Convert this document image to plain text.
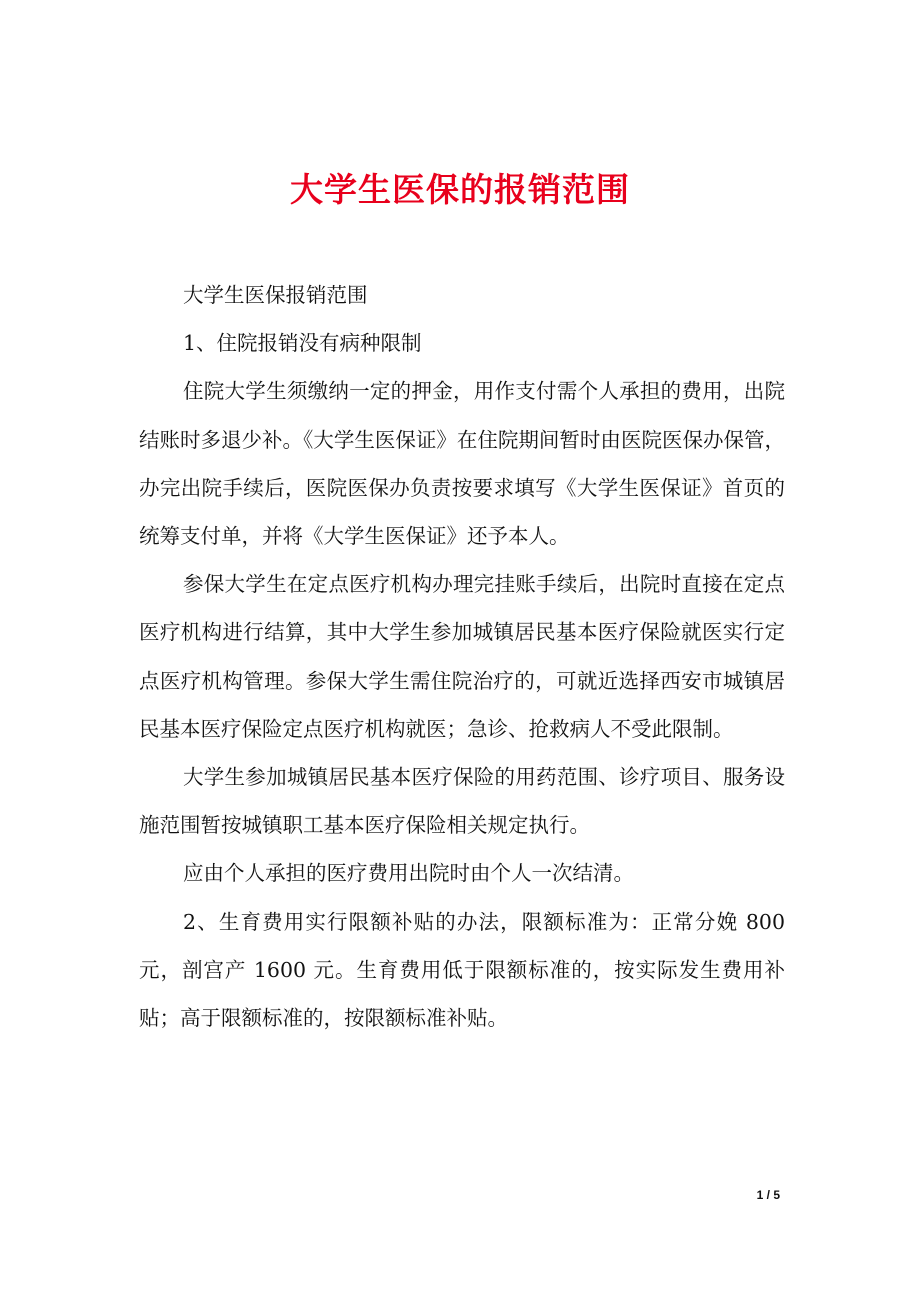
大学生医保的报销范围

大学生医保报销范围

1、住院报销没有病种限制

住院大学生须缴纳一定的押金，用作支付需个人承担的费用，出院结账时多退少补。《大学生医保证》在住院期间暂时由医院医保办保管，办完出院手续后，医院医保办负责按要求填写《大学生医保证》首页的统筹支付单，并将《大学生医保证》还予本人。

参保大学生在定点医疗机构办理完挂账手续后，出院时直接在定点医疗机构进行结算，其中大学生参加城镇居民基本医疗保险就医实行定点医疗机构管理。参保大学生需住院治疗的，可就近选择西安市城镇居民基本医疗保险定点医疗机构就医；急诊、抢救病人不受此限制。

大学生参加城镇居民基本医疗保险的用药范围、诊疗项目、服务设施范围暂按城镇职工基本医疗保险相关规定执行。

应由个人承担的医疗费用出院时由个人一次结清。

2、生育费用实行限额补贴的办法，限额标准为：正常分娩 800 元，剖宫产 1600 元。生育费用低于限额标准的，按实际发生费用补贴；高于限额标准的，按限额标准补贴。

1 / 5
